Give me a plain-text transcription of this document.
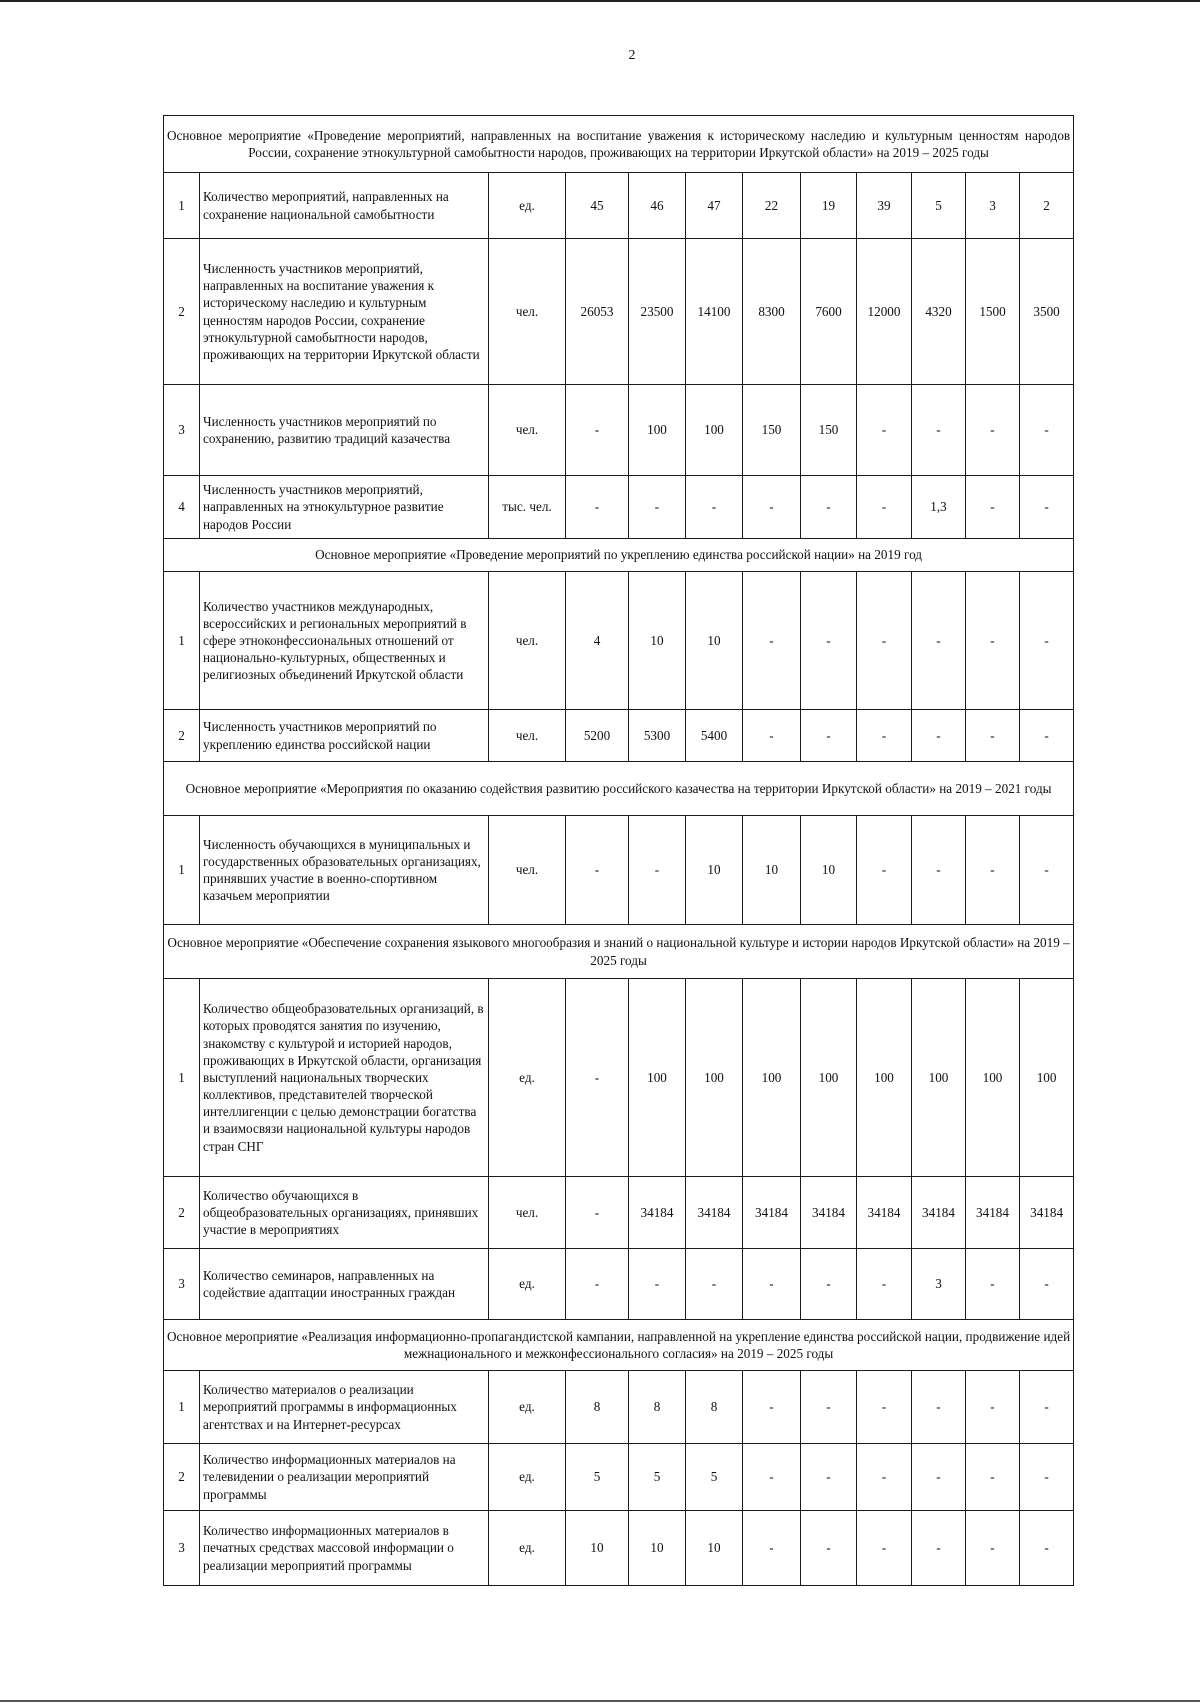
2
Основное мероприятие «Проведение мероприятий, направленных на воспитание уважения к историческому наследию и культурным ценностям народов России, сохранение этнокультурной самобытности народов, проживающих на территории Иркутской области» на 2019 – 2025 годы											
1	Количество мероприятий, направленных на сохранение национальной самобытности	ед.	45	46	47	22	19	39	5	3	2
2	Численность участников мероприятий, направленных на воспитание уважения к историческому наследию и культурным ценностям народов России, сохранение этнокультурной самобытности народов, проживающих на территории Иркутской области	чел.	26053	23500	14100	8300	7600	12000	4320	1500	3500
3	Численность участников мероприятий по сохранению, развитию традиций казачества	чел.	-	100	100	150	150	-	-	-	-
4	Численность участников мероприятий, направленных на этнокультурное развитие народов России	тыс. чел.	-	-	-	-	-	-	1,3	-	-
Основное мероприятие «Проведение мероприятий по укреплению единства российской нации» на 2019 год											
1	Количество участников международных, всероссийских и региональных мероприятий в сфере этноконфессиональных отношений от национально-культурных, общественных и религиозных объединений Иркутской области	чел.	4	10	10	-	-	-	-	-	-
2	Численность участников мероприятий по укреплению единства российской нации	чел.	5200	5300	5400	-	-	-	-	-	-
Основное мероприятие «Мероприятия по оказанию содействия развитию российского казачества на территории Иркутской области» на 2019 – 2021 годы											
1	Численность обучающихся в муниципальных и государственных образовательных организациях, принявших участие в военно-спортивном казачьем мероприятии	чел.	-	-	10	10	10	-	-	-	-
Основное мероприятие «Обеспечение сохранения языкового многообразия и знаний о национальной культуре и истории народов Иркутской области» на 2019 – 2025 годы											
1	Количество общеобразовательных организаций, в которых проводятся занятия по изучению, знакомству с культурой и историей народов, проживающих в Иркутской области, организация выступлений национальных творческих коллективов, представителей творческой интеллигенции с целью демонстрации богатства и взаимосвязи национальной культуры народов стран СНГ	ед.	-	100	100	100	100	100	100	100	100
2	Количество обучающихся в общеобразовательных организациях, принявших участие в мероприятиях	чел.	-	34184	34184	34184	34184	34184	34184	34184	34184
3	Количество семинаров, направленных на содействие адаптации иностранных граждан	ед.	-	-	-	-	-	-	3	-	-
Основное мероприятие «Реализация информационно-пропагандистской кампании, направленной на укрепление единства российской нации, продвижение идей межнационального и межконфессионального согласия» на 2019 – 2025 годы											
1	Количество материалов о реализации мероприятий программы в информационных агентствах и на Интернет-ресурсах	ед.	8	8	8	-	-	-	-	-	-
2	Количество информационных материалов на телевидении о реализации мероприятий программы	ед.	5	5	5	-	-	-	-	-	-
3	Количество информационных материалов в печатных средствах массовой информации о реализации мероприятий программы	ед.	10	10	10	-	-	-	-	-	-
